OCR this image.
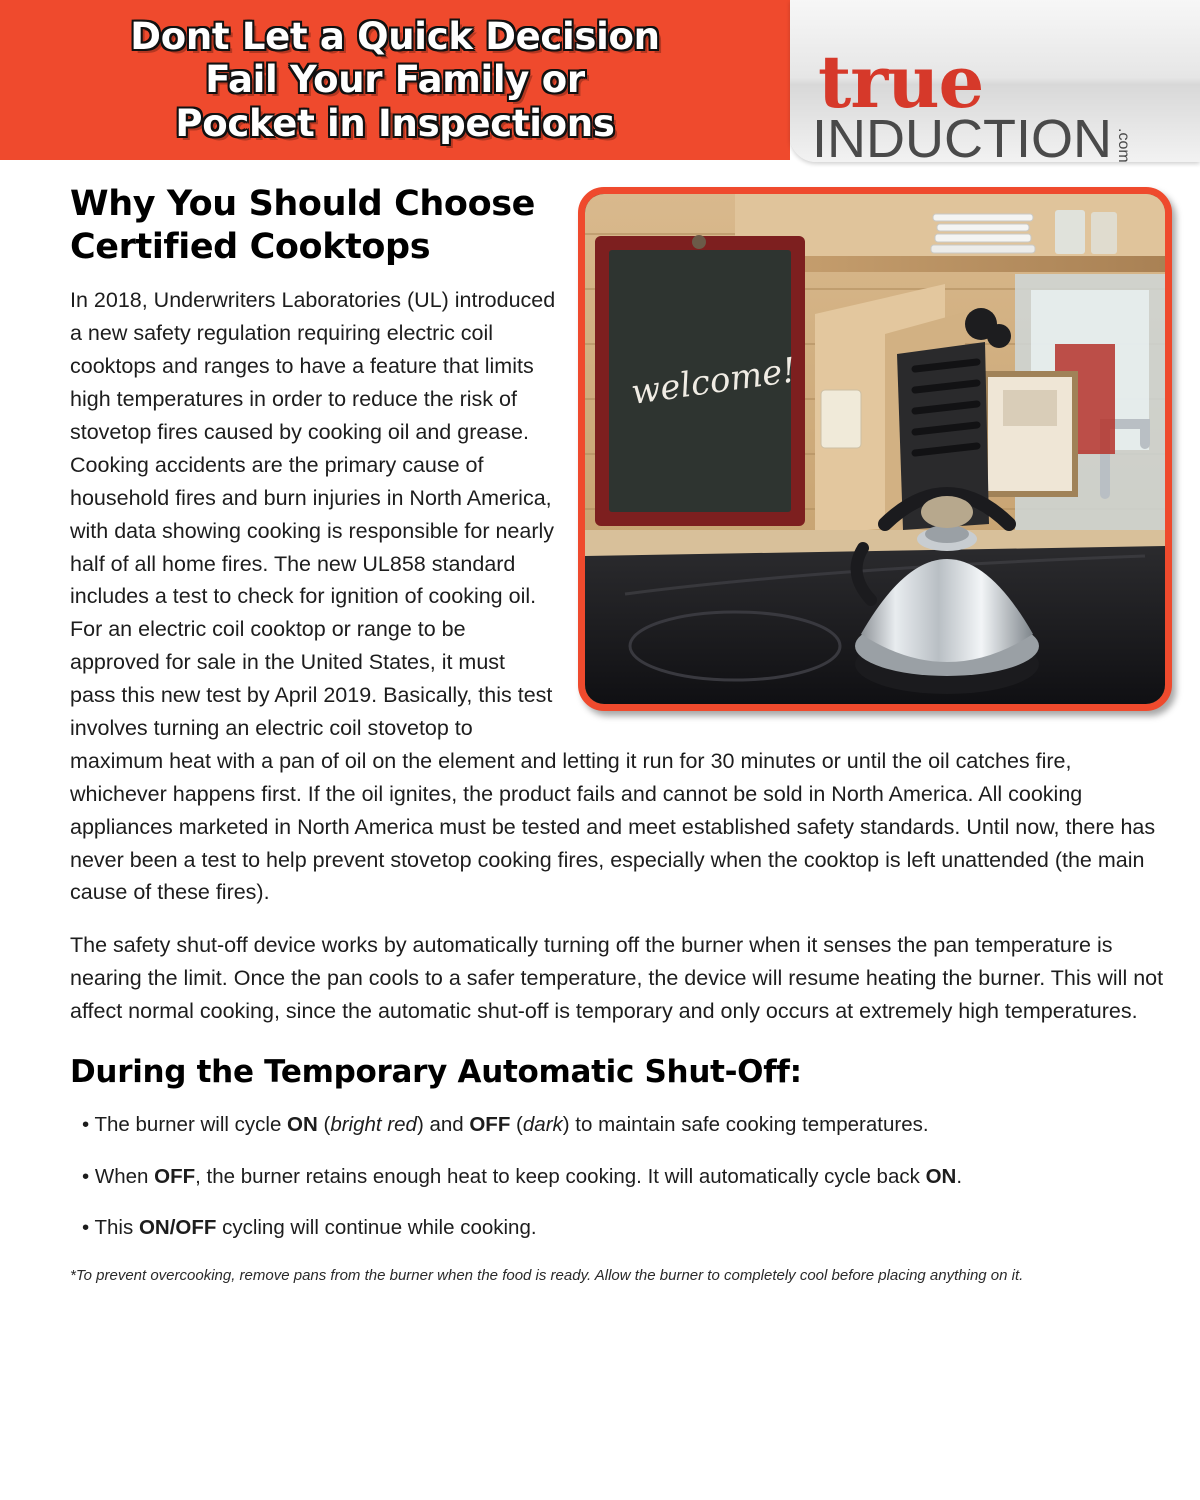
Dont Let a Quick Decision
Fail Your Family or
Pocket in Inspections	true
INDUCTION .com
welcome!
Why You Should Choose
Certified Cooktops

In 2018, Underwriters Laboratories (UL) introduced a new safety regulation requiring electric coil cooktops and ranges to have a feature that limits high temperatures in order to reduce the risk of stovetop fires caused by cooking oil and grease. Cooking accidents are the primary cause of household fires and burn injuries in North America, with data showing cooking is responsible for nearly half of all home fires. The new UL858 standard includes a test to check for ignition of cooking oil. For an electric coil cooktop or range to be approved for sale in the United States, it must pass this new test by April 2019. Basically, this test involves turning an electric coil stovetop to maximum heat with a pan of oil on the element and letting it run for 30 minutes or until the oil catches fire, whichever happens first. If the oil ignites, the product fails and cannot be sold in North America. All cooking appliances marketed in North America must be tested and meet established safety standards. Until now, there has never been a test to help prevent stovetop cooking fires, especially when the cooktop is left unattended (the main cause of these fires).

The safety shut-off device works by automatically turning off the burner when it senses the pan temperature is nearing the limit. Once the pan cools to a safer temperature, the device will resume heating the burner. This will not affect normal cooking, since the automatic shut-off is temporary and only occurs at extremely high temperatures.

During the Temporary Automatic Shut-Off:
• The burner will cycle ON (bright red) and OFF (dark) to maintain safe cooking temperatures.
• When OFF, the burner retains enough heat to keep cooking. It will automatically cycle back ON.
• This ON/OFF cycling will continue while cooking.
*To prevent overcooking, remove pans from the burner when the food is ready. Allow the burner to completely cool before placing anything on it.
